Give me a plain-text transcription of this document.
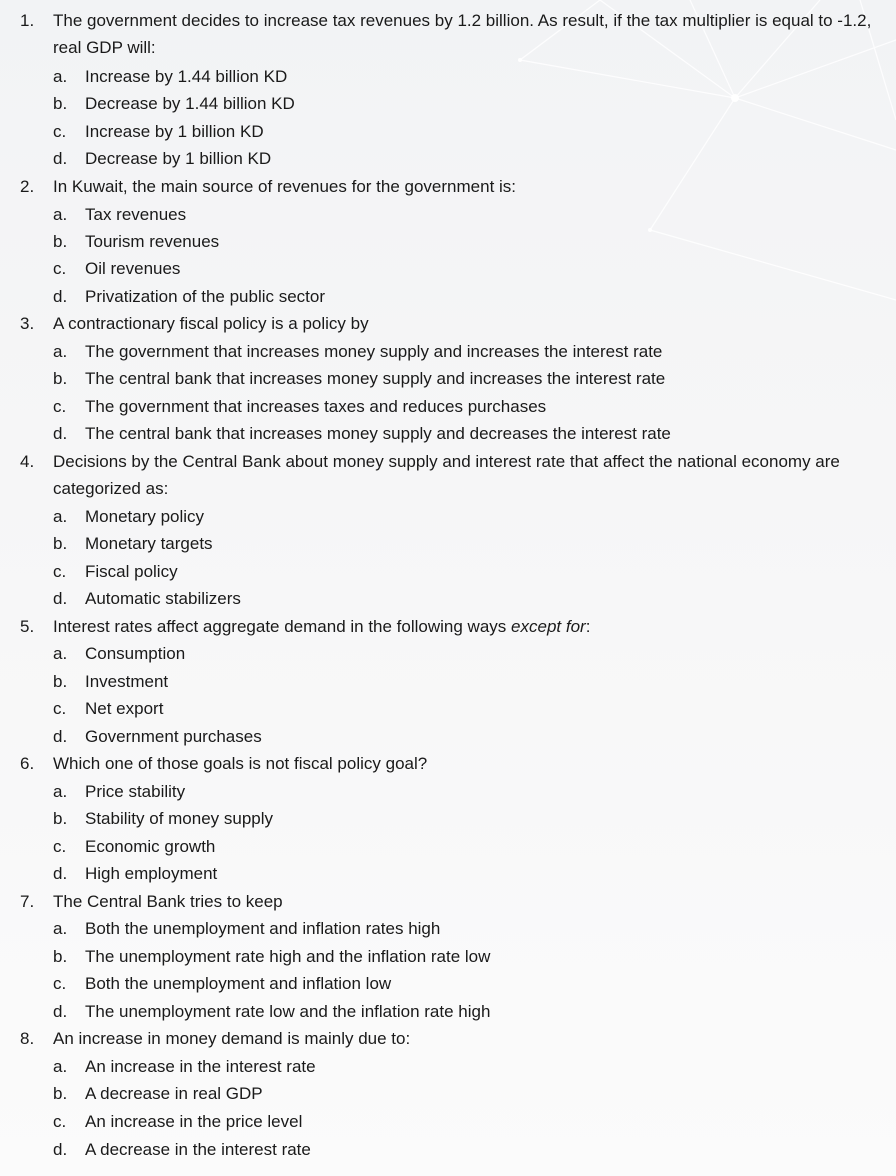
1. The government decides to increase tax revenues by 1.2 billion. As result, if the tax multiplier is equal to -1.2, real GDP will:
a. Increase by 1.44 billion KD
b. Decrease by 1.44 billion KD
c. Increase by 1 billion KD
d. Decrease by 1 billion KD
2. In Kuwait, the main source of revenues for the government is:
a. Tax revenues
b. Tourism revenues
c. Oil revenues
d. Privatization of the public sector
3. A contractionary fiscal policy is a policy by
a. The government that increases money supply and increases the interest rate
b. The central bank that increases money supply and increases the interest rate
c. The government that increases taxes and reduces purchases
d. The central bank that increases money supply and decreases the interest rate
4. Decisions by the Central Bank about money supply and interest rate that affect the national economy are categorized as:
a. Monetary policy
b. Monetary targets
c. Fiscal policy
d. Automatic stabilizers
5. Interest rates affect aggregate demand in the following ways except for:
a. Consumption
b. Investment
c. Net export
d. Government purchases
6. Which one of those goals is not fiscal policy goal?
a. Price stability
b. Stability of money supply
c. Economic growth
d. High employment
7. The Central Bank tries to keep
a. Both the unemployment and inflation rates high
b. The unemployment rate high and the inflation rate low
c. Both the unemployment and inflation low
d. The unemployment rate low and the inflation rate high
8. An increase in money demand is mainly due to:
a. An increase in the interest rate
b. A decrease in real GDP
c. An increase in the price level
d. A decrease in the interest rate
